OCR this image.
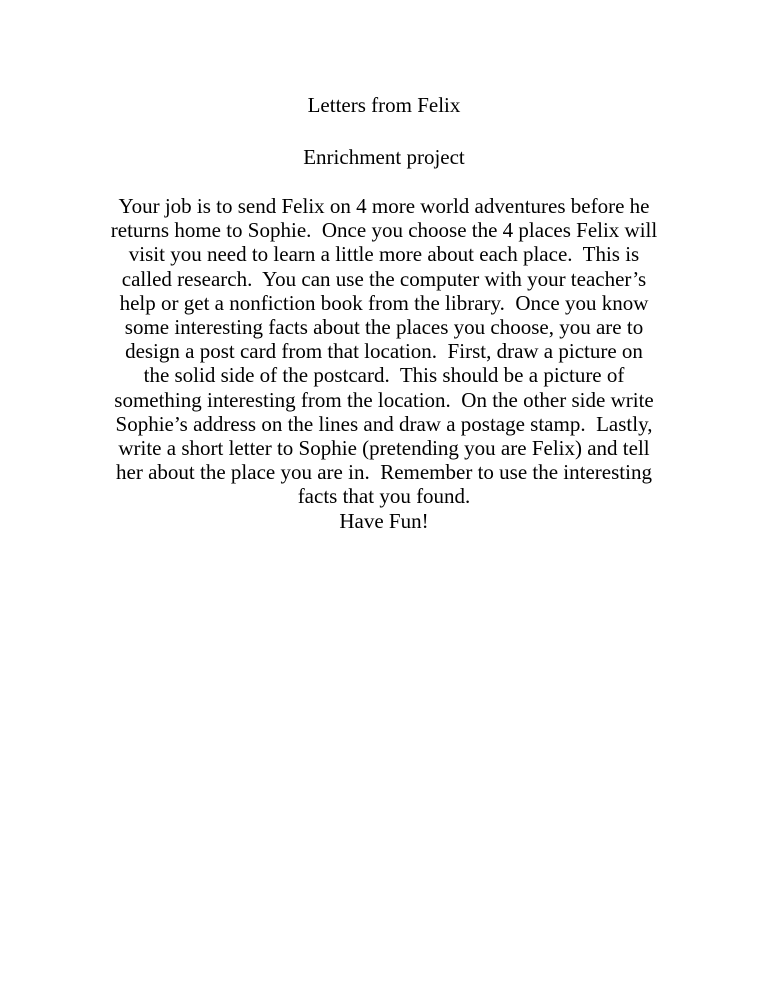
Letters from Felix
Enrichment project

Your job is to send Felix on 4 more world adventures before he returns home to Sophie.  Once you choose the 4 places Felix will visit you need to learn a little more about each place.  This is called research.  You can use the computer with your teacher’s help or get a nonfiction book from the library.  Once you know some interesting facts about the places you choose, you are to design a post card from that location.  First, draw a picture on the solid side of the postcard.  This should be a picture of something interesting from the location.  On the other side write Sophie’s address on the lines and draw a postage stamp.  Lastly, write a short letter to Sophie (pretending you are Felix) and tell her about the place you are in.  Remember to use the interesting facts that you found.

Have Fun!
